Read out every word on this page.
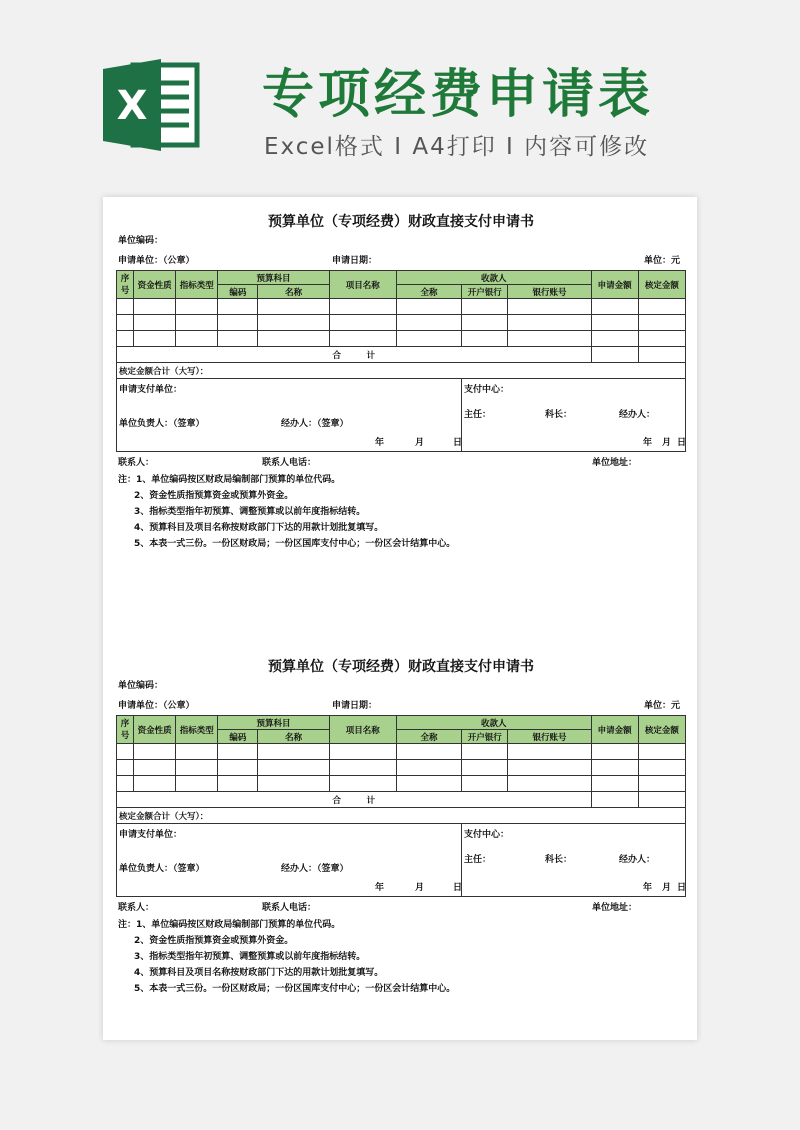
X 专项经费申请表
Excel格式 I A4打印 I 内容可修改
预算单位（专项经费）财政直接支付申请书
单位编码：
申请单位：（公章）	申请日期：	单位：元
序号	资金性质	指标类型	预算科目		项目名称	收款人			申请金额	核定金额
			编码	名称		全称	开户银行	银行账号		

合　　　计										
核定金额合计（大写）：										
申请支付单位：
单位负责人：（签章）	经办人：（签章）
年	月	日
支付中心：
主任：	科长：	经办人：
年 月 日
联系人：	联系人电话：	单位地址：
注：1、单位编码按区财政局编制部门预算的单位代码。
2、资金性质指预算资金或预算外资金。
3、指标类型指年初预算、调整预算或以前年度指标结转。
4、预算科目及项目名称按财政部门下达的用款计划批复填写。
5、本表一式三份。一份区财政局；一份区国库支付中心；一份区会计结算中心。
预算单位（专项经费）财政直接支付申请书
单位编码：
申请单位：（公章）	申请日期：	单位：元
序号	资金性质	指标类型	预算科目		项目名称	收款人			申请金额	核定金额
			编码	名称		全称	开户银行	银行账号		

合　　　计										
核定金额合计（大写）：										
申请支付单位：
单位负责人：（签章）	经办人：（签章）
年	月	日
支付中心：
主任：	科长：	经办人：
年 月 日
联系人：	联系人电话：	单位地址：
注：1、单位编码按区财政局编制部门预算的单位代码。
2、资金性质指预算资金或预算外资金。
3、指标类型指年初预算、调整预算或以前年度指标结转。
4、预算科目及项目名称按财政部门下达的用款计划批复填写。
5、本表一式三份。一份区财政局；一份区国库支付中心；一份区会计结算中心。
